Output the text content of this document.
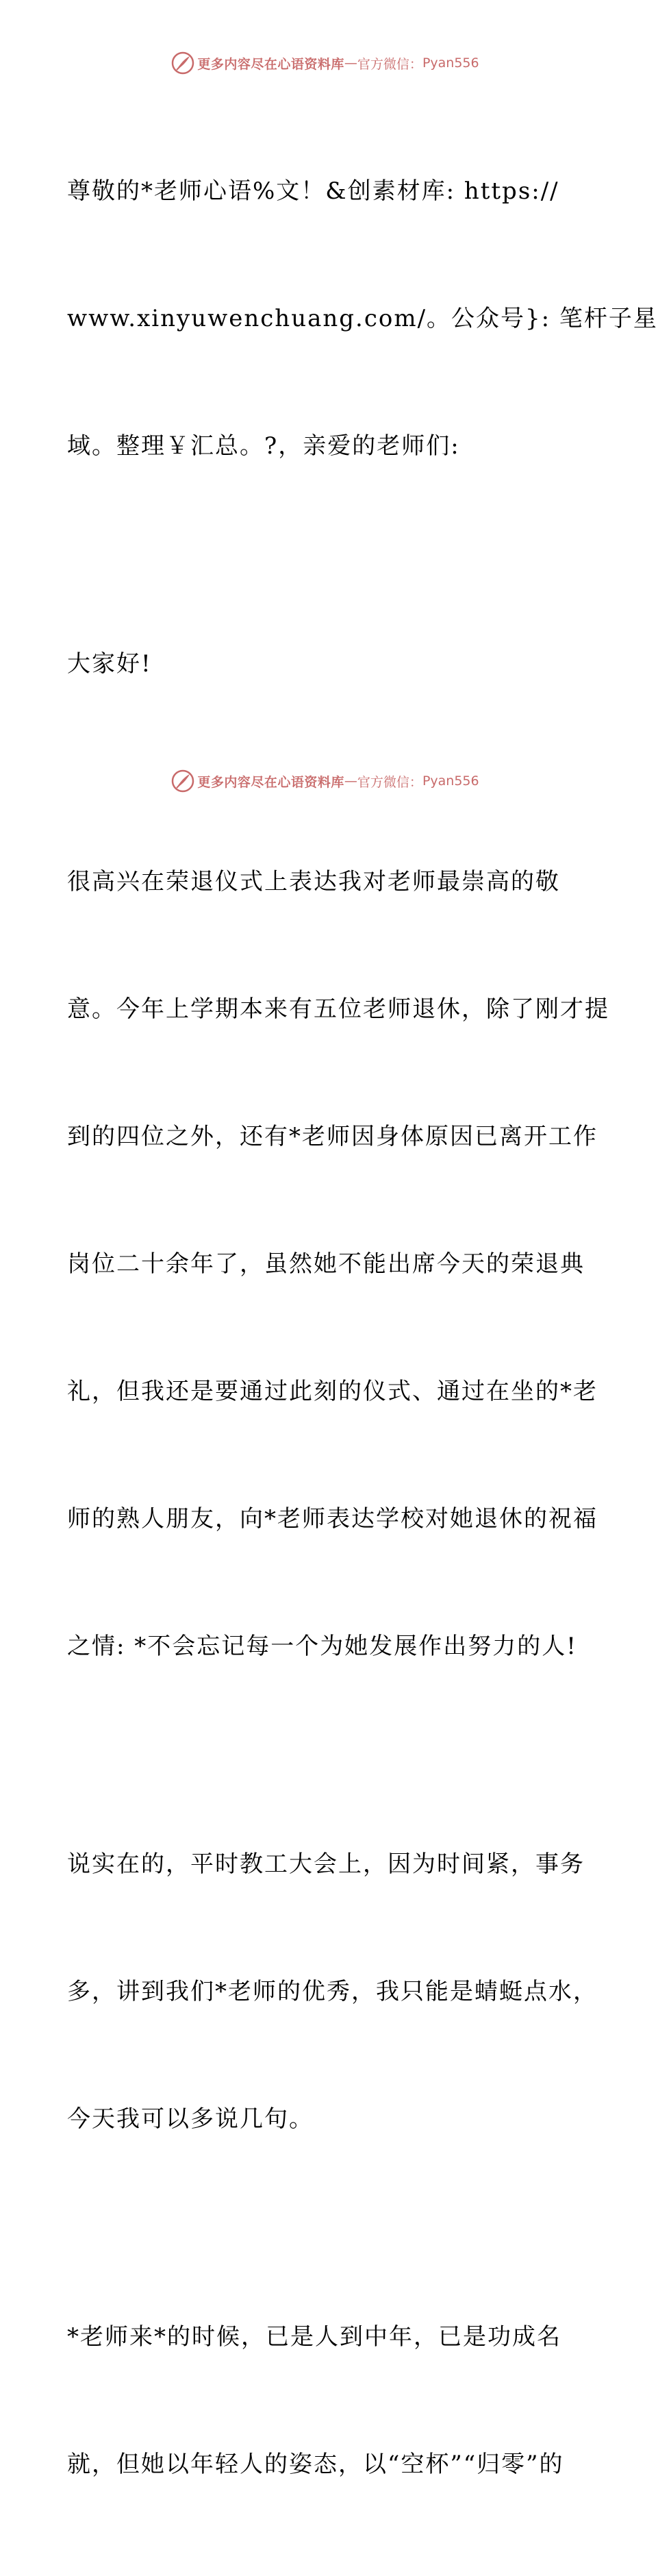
更多内容尽在心语资料库 — 官方微信： Pyan556

尊敬的*老师心语%文！&创素材库: https://

www.xinyuwenchuang.com/。公众号}: 笔杆子星

域。整理￥汇总。?，亲爱的老师们:

大家好!

很高兴在荣退仪式上表达我对老师最崇高的敬

意。今年上学期本来有五位老师退休，除了刚才提

到的四位之外，还有*老师因身体原因已离开工作

岗位二十余年了，虽然她不能出席今天的荣退典

礼，但我还是要通过此刻的仪式、通过在坐的*老

师的熟人朋友，向*老师表达学校对她退休的祝福

之情: *不会忘记每一个为她发展作出努力的人!

说实在的，平时教工大会上，因为时间紧，事务

多，讲到我们*老师的优秀，我只能是蜻蜓点水，

今天我可以多说几句。

*老师来*的时候，已是人到中年，已是功成名

就，但她以年轻人的姿态，以“空杯”“归零”的

更多内容尽在心语资料库 — 官方微信： Pyan556
